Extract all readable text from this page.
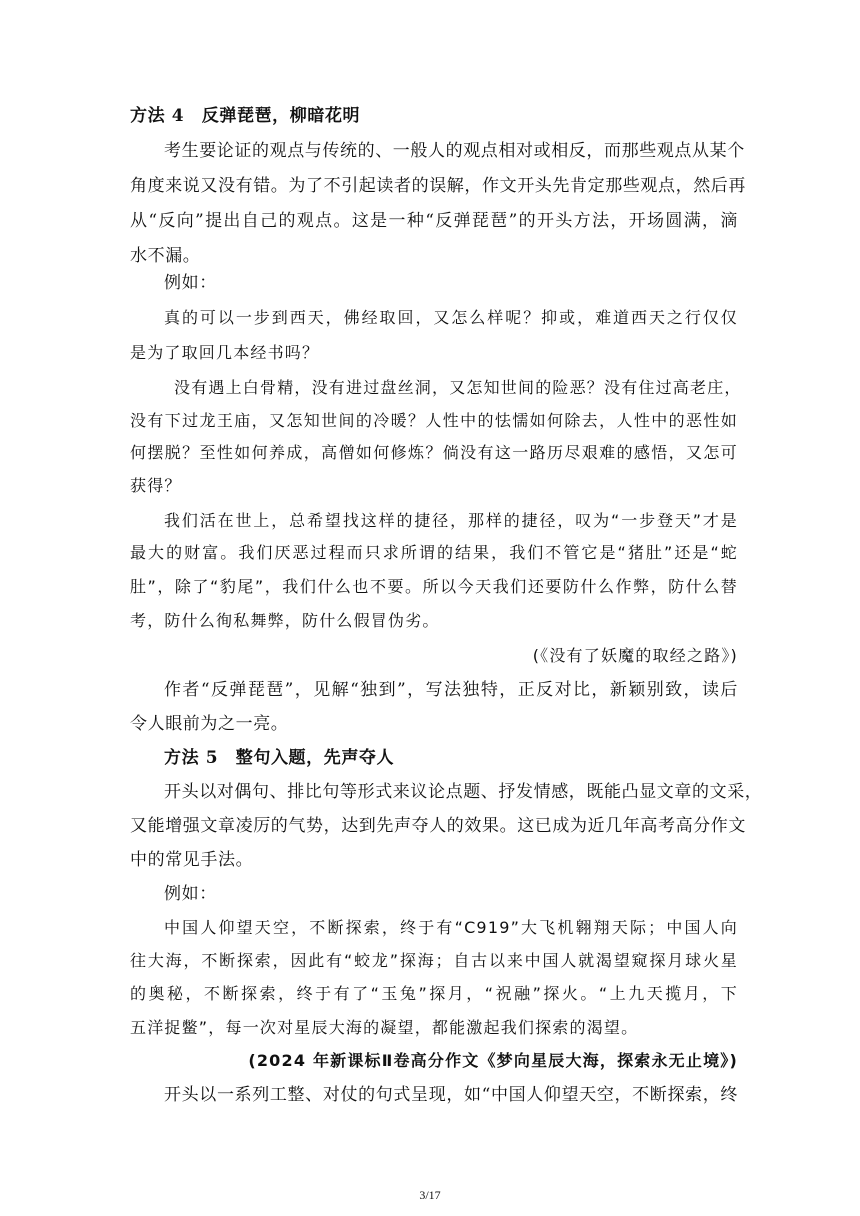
方法 4　反弹琵琶，柳暗花明
考生要论证的观点与传统的、一般人的观点相对或相反，而那些观点从某个
角度来说又没有错。为了不引起读者的误解，作文开头先肯定那些观点，然后再
从“反向”提出自己的观点。这是一种“反弹琵琶”的开头方法，开场圆满，滴
水不漏。
例如：
真的可以一步到西天，佛经取回，又怎么样呢？抑或，难道西天之行仅仅
是为了取回几本经书吗？
没有遇上白骨精，没有进过盘丝洞，又怎知世间的险恶？没有住过高老庄，
没有下过龙王庙，又怎知世间的冷暖？人性中的怯懦如何除去，人性中的恶性如
何摆脱？至性如何养成，高僧如何修炼？倘没有这一路历尽艰难的感悟，又怎可
获得？
我们活在世上，总希望找这样的捷径，那样的捷径，叹为“一步登天”才是
最大的财富。我们厌恶过程而只求所谓的结果，我们不管它是“猪肚”还是“蛇
肚”，除了“豹尾”，我们什么也不要。所以今天我们还要防什么作弊，防什么替
考，防什么徇私舞弊，防什么假冒伪劣。
(《没有了妖魔的取经之路》)
作者“反弹琵琶”，见解“独到”，写法独特，正反对比，新颖别致，读后
令人眼前为之一亮。
方法 5　整句入题，先声夺人
开头以对偶句、排比句等形式来议论点题、抒发情感，既能凸显文章的文采，
又能增强文章凌厉的气势，达到先声夺人的效果。这已成为近几年高考高分作文
中的常见手法。
例如：
中国人仰望天空，不断探索，终于有“C919”大飞机翱翔天际；中国人向
往大海，不断探索，因此有“蛟龙”探海；自古以来中国人就渴望窥探月球火星
的奥秘，不断探索，终于有了“玉兔”探月，“祝融”探火。“上九天揽月，下
五洋捉鳖”，每一次对星辰大海的凝望，都能激起我们探索的渴望。
(2024 年新课标Ⅱ卷高分作文《梦向星辰大海，探索永无止境》)
开头以一系列工整、对仗的句式呈现，如“中国人仰望天空，不断探索，终
3/17
